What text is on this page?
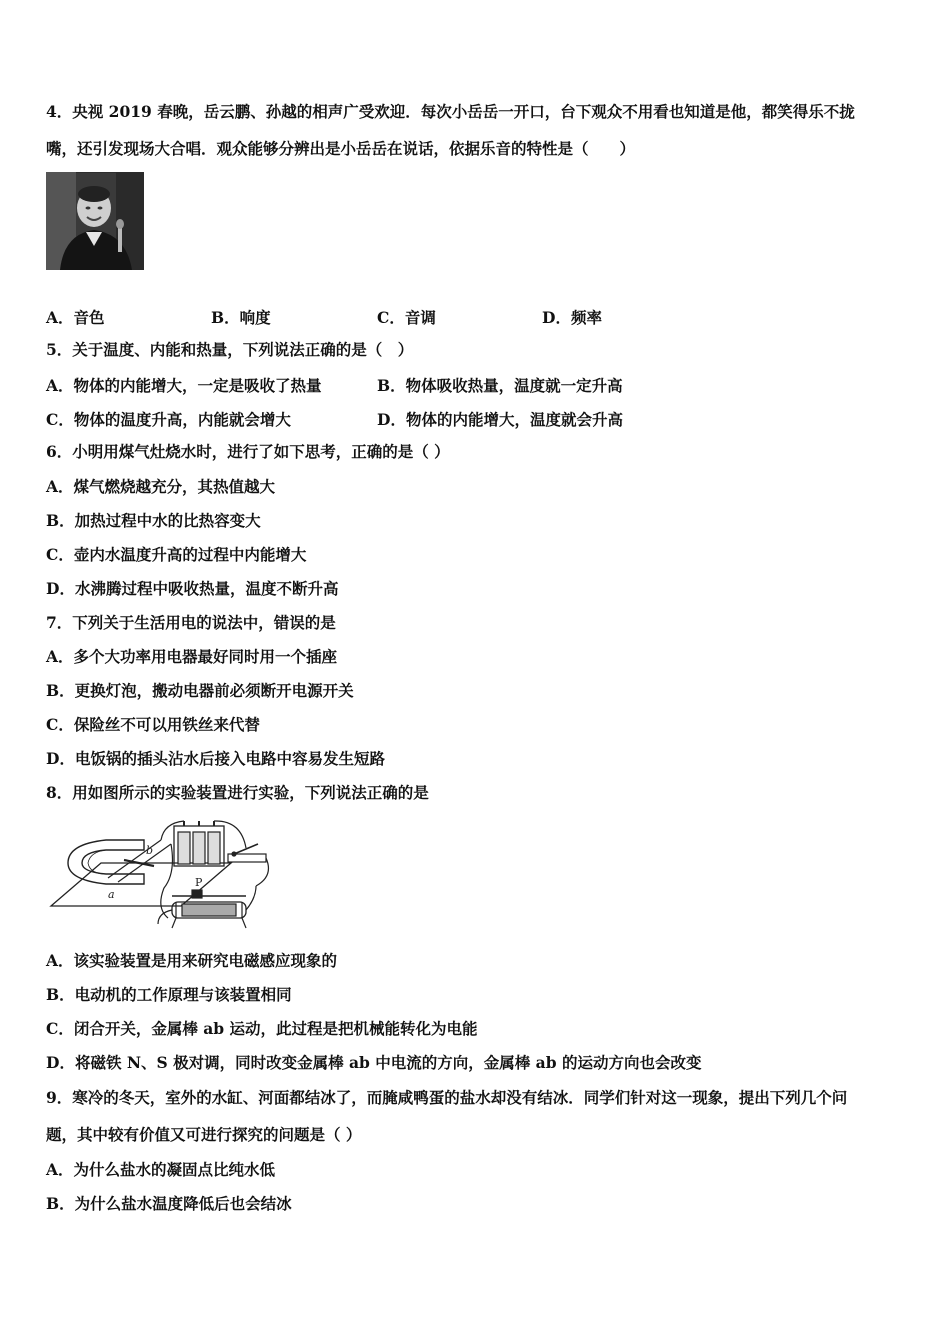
4．央视 2019 春晚，岳云鹏、孙越的相声广受欢迎．每次小岳岳一开口，台下观众不用看也知道是他，都笑得乐不拢
嘴，还引发现场大合唱．观众能够分辨出是小岳岳在说话，依据乐音的特性是（　　）
A．音色	B．响度	C．音调	D．频率
5．关于温度、内能和热量，下列说法正确的是（　）
A．物体的内能增大，一定是吸收了热量	B．物体吸收热量，温度就一定升高
C．物体的温度升高，内能就会增大	D．物体的内能增大，温度就会升高
6．小明用煤气灶烧水时，进行了如下思考，正确的是（ ）
A．煤气燃烧越充分，其热值越大
B．加热过程中水的比热容变大
C．壶内水温度升高的过程中内能增大
D．水沸腾过程中吸收热量，温度不断升高
7．下列关于生活用电的说法中，错误的是
A．多个大功率用电器最好同时用一个插座
B．更换灯泡，搬动电器前必须断开电源开关
C．保险丝不可以用铁丝来代替
D．电饭锅的插头沾水后接入电路中容易发生短路
8．用如图所示的实验装置进行实验，下列说法正确的是
b
a
P
A．该实验装置是用来研究电磁感应现象的
B．电动机的工作原理与该装置相同
C．闭合开关，金属棒 ab 运动，此过程是把机械能转化为电能
D．将磁铁 N、S 极对调，同时改变金属棒 ab 中电流的方向，金属棒 ab 的运动方向也会改变
9．寒冷的冬天，室外的水缸、河面都结冰了，而腌咸鸭蛋的盐水却没有结冰．同学们针对这一现象，提出下列几个问
题，其中较有价值又可进行探究的问题是（ ）
A．为什么盐水的凝固点比纯水低
B．为什么盐水温度降低后也会结冰
